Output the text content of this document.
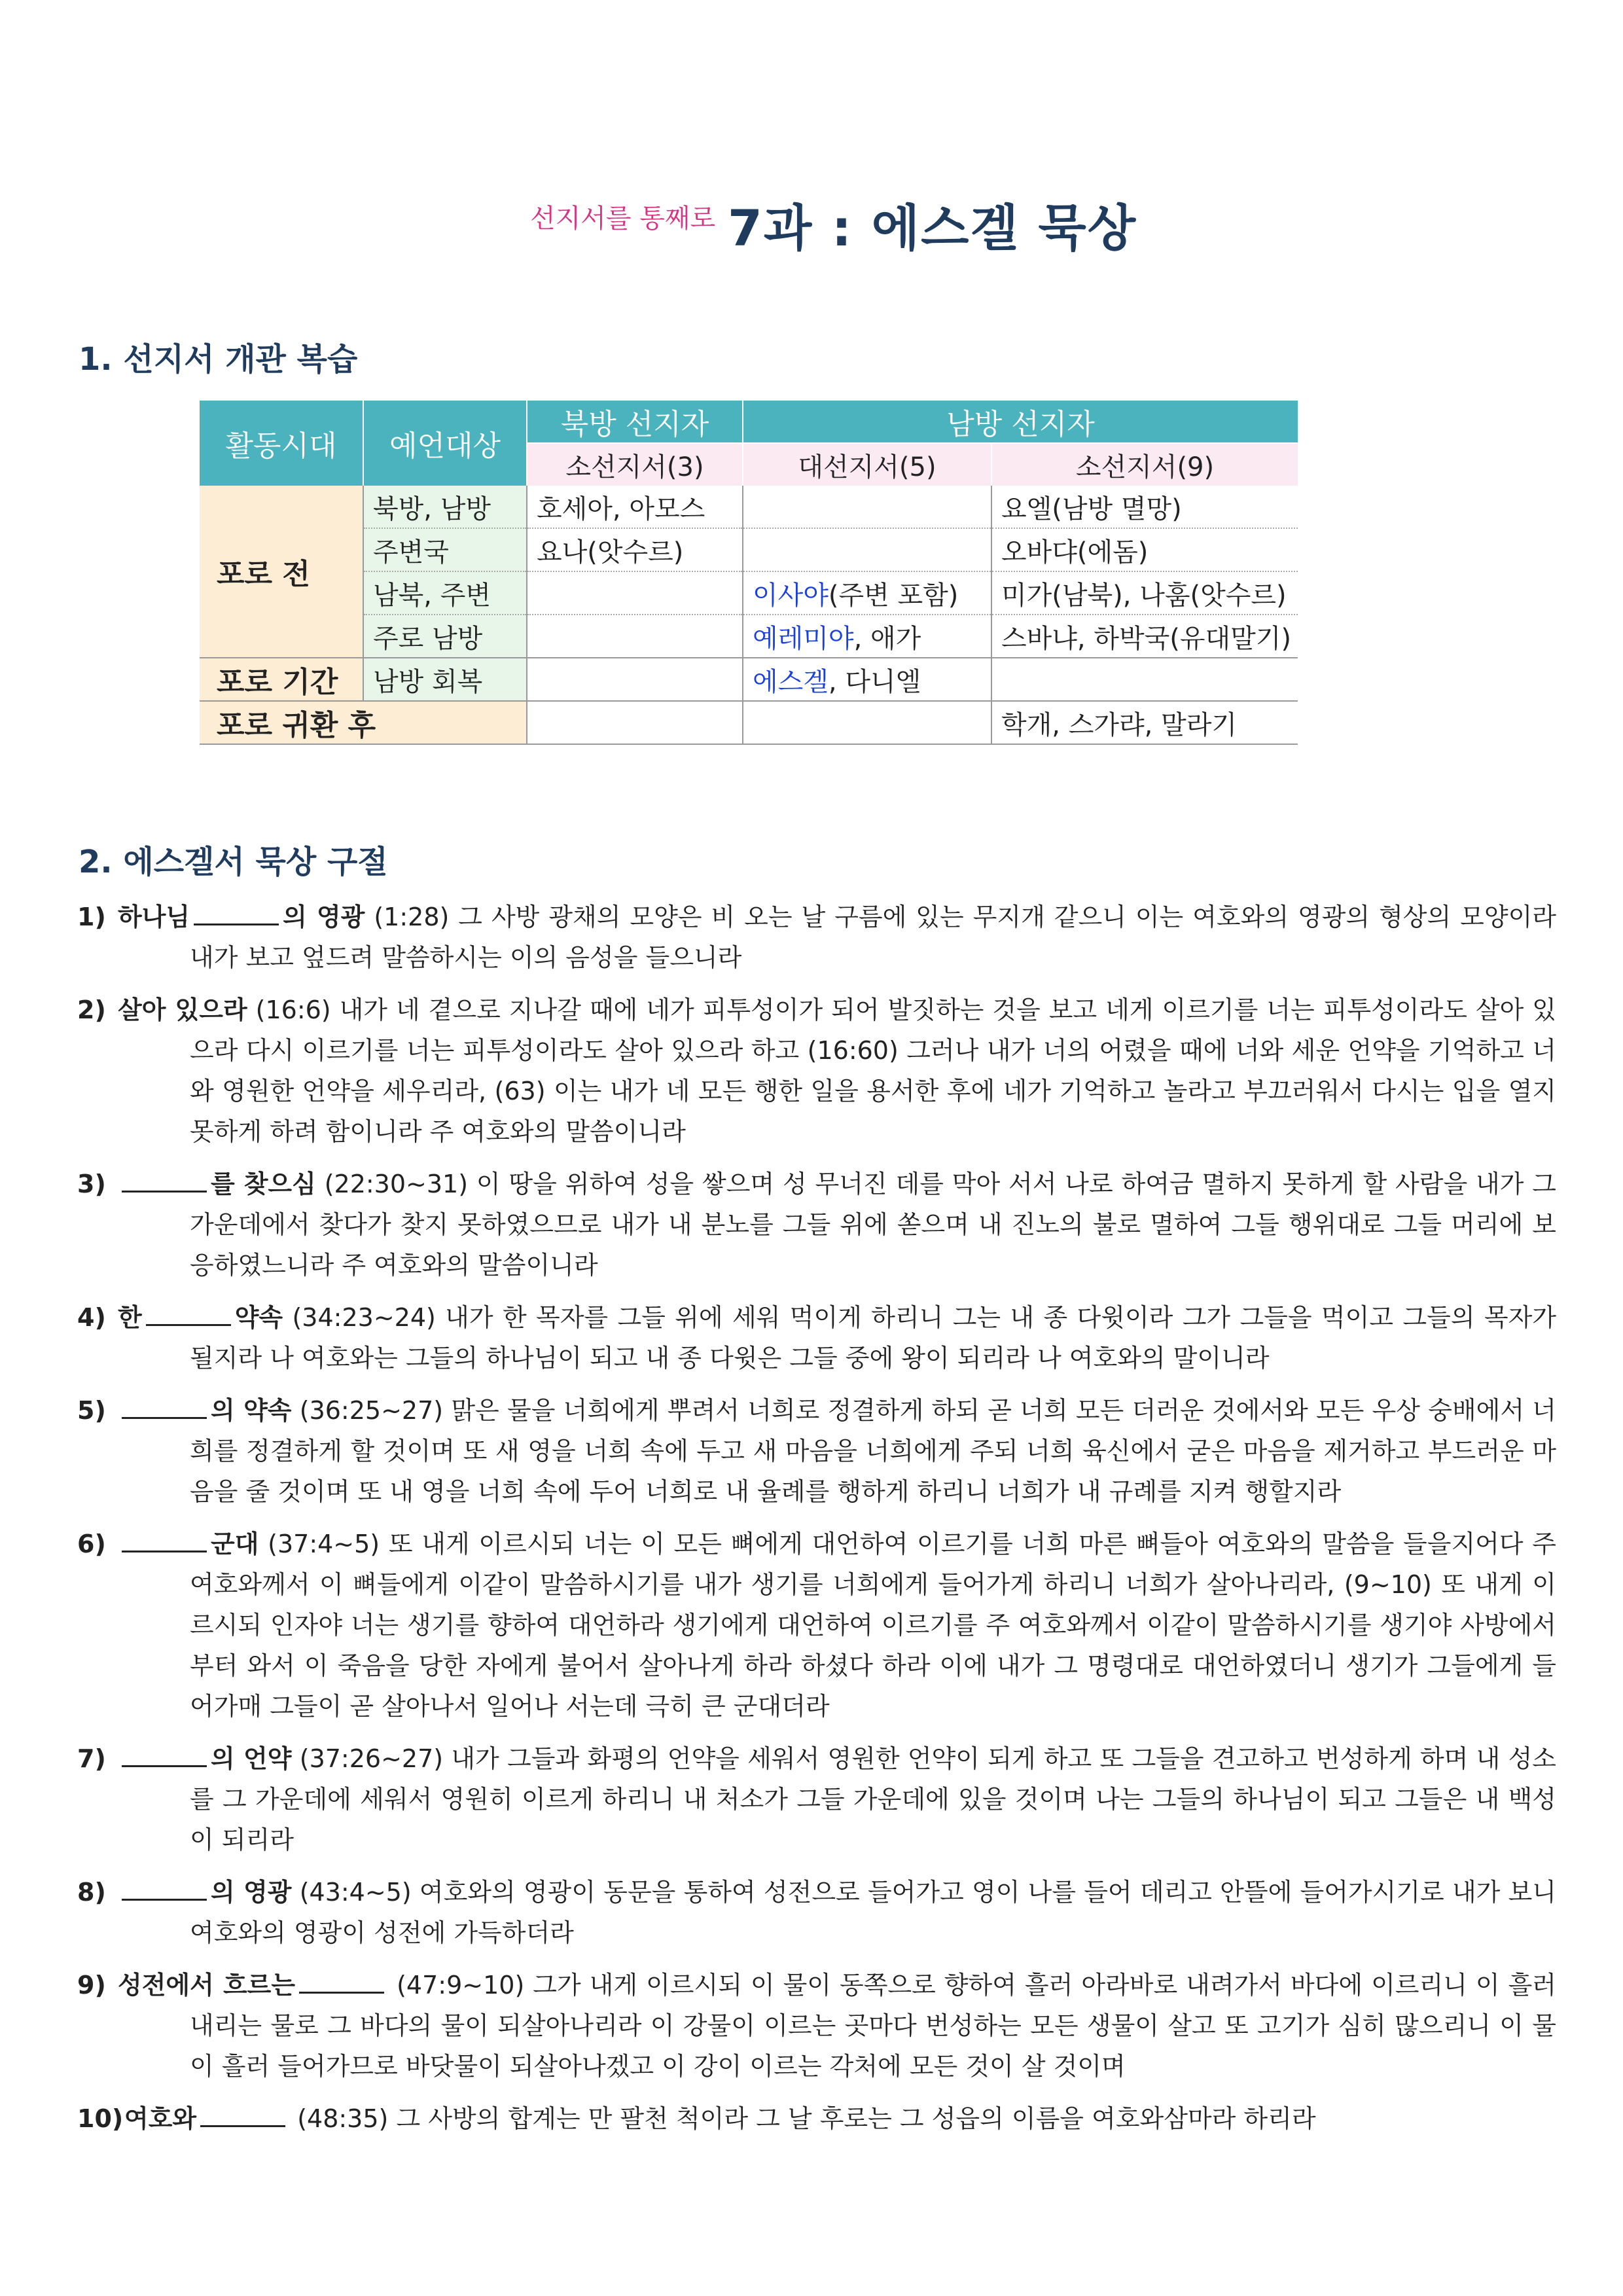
선지서를 통째로 7과 : 에스겔 묵상
1. 선지서 개관 복습
활동시대	예언대상	북방 선지자	남방 선지자	
		소선지서(3)	대선지서(5)	소선지서(9)
포로 전	북방, 남방	호세아, 아모스		요엘(남방 멸망)
	주변국	요나(앗수르)		오바댜(에돔)
	남북, 주변		이사야(주변 포함)	미가(남북), 나훔(앗수르)
	주로 남방		예레미야, 애가	스바냐, 하박국(유대말기)
포로 기간	남방 회복		에스겔, 다니엘	
포로 귀환 후				학개, 스가랴, 말라기
2. 에스겔서 묵상 구절
1) 하나님	의 영광 (1:28) 그 사방 광채의 모양은 비 오는 날 구름에 있는 무지개 같으니 이는 여호와의 영광의 형상의 모양이라 내가 보고 엎드려 말씀하시는 이의 음성을 들으니라
2) 살아 있으라 (16:6) 내가 네 곁으로 지나갈 때에 네가 피투성이가 되어 발짓하는 것을 보고 네게 이르기를 너는 피투성이라도 살아 있으라 다시 이르기를 너는 피투성이라도 살아 있으라 하고 (16:60) 그러나 내가 너의 어렸을 때에 너와 세운 언약을 기억하고 너와 영원한 언약을 세우리라, (63) 이는 내가 네 모든 행한 일을 용서한 후에 네가 기억하고 놀라고 부끄러워서 다시는 입을 열지 못하게 하려 함이니라 주 여호와의 말씀이니라
3)	를 찾으심 (22:30~31) 이 땅을 위하여 성을 쌓으며 성 무너진 데를 막아 서서 나로 하여금 멸하지 못하게 할 사람을 내가 그 가운데에서 찾다가 찾지 못하였으므로 내가 내 분노를 그들 위에 쏟으며 내 진노의 불로 멸하여 그들 행위대로 그들 머리에 보응하였느니라 주 여호와의 말씀이니라
4) 한	약속 (34:23~24) 내가 한 목자를 그들 위에 세워 먹이게 하리니 그는 내 종 다윗이라 그가 그들을 먹이고 그들의 목자가 될지라 나 여호와는 그들의 하나님이 되고 내 종 다윗은 그들 중에 왕이 되리라 나 여호와의 말이니라
5)	의 약속 (36:25~27) 맑은 물을 너희에게 뿌려서 너희로 정결하게 하되 곧 너희 모든 더러운 것에서와 모든 우상 숭배에서 너희를 정결하게 할 것이며 또 새 영을 너희 속에 두고 새 마음을 너희에게 주되 너희 육신에서 굳은 마음을 제거하고 부드러운 마음을 줄 것이며 또 내 영을 너희 속에 두어 너희로 내 율례를 행하게 하리니 너희가 내 규례를 지켜 행할지라
6)	군대 (37:4~5) 또 내게 이르시되 너는 이 모든 뼈에게 대언하여 이르기를 너희 마른 뼈들아 여호와의 말씀을 들을지어다 주 여호와께서 이 뼈들에게 이같이 말씀하시기를 내가 생기를 너희에게 들어가게 하리니 너희가 살아나리라, (9~10) 또 내게 이르시되 인자야 너는 생기를 향하여 대언하라 생기에게 대언하여 이르기를 주 여호와께서 이같이 말씀하시기를 생기야 사방에서부터 와서 이 죽음을 당한 자에게 불어서 살아나게 하라 하셨다 하라 이에 내가 그 명령대로 대언하였더니 생기가 그들에게 들어가매 그들이 곧 살아나서 일어나 서는데 극히 큰 군대더라
7)	의 언약 (37:26~27) 내가 그들과 화평의 언약을 세워서 영원한 언약이 되게 하고 또 그들을 견고하고 번성하게 하며 내 성소를 그 가운데에 세워서 영원히 이르게 하리니 내 처소가 그들 가운데에 있을 것이며 나는 그들의 하나님이 되고 그들은 내 백성이 되리라
8)	의 영광 (43:4~5) 여호와의 영광이 동문을 통하여 성전으로 들어가고 영이 나를 들어 데리고 안뜰에 들어가시기로 내가 보니 여호와의 영광이 성전에 가득하더라
9) 성전에서 흐르는	(47:9~10) 그가 내게 이르시되 이 물이 동쪽으로 향하여 흘러 아라바로 내려가서 바다에 이르리니 이 흘러 내리는 물로 그 바다의 물이 되살아나리라 이 강물이 이르는 곳마다 번성하는 모든 생물이 살고 또 고기가 심히 많으리니 이 물이 흘러 들어가므로 바닷물이 되살아나겠고 이 강이 이르는 각처에 모든 것이 살 것이며
10) 여호와	(48:35) 그 사방의 합계는 만 팔천 척이라 그 날 후로는 그 성읍의 이름을 여호와삼마라 하리라
